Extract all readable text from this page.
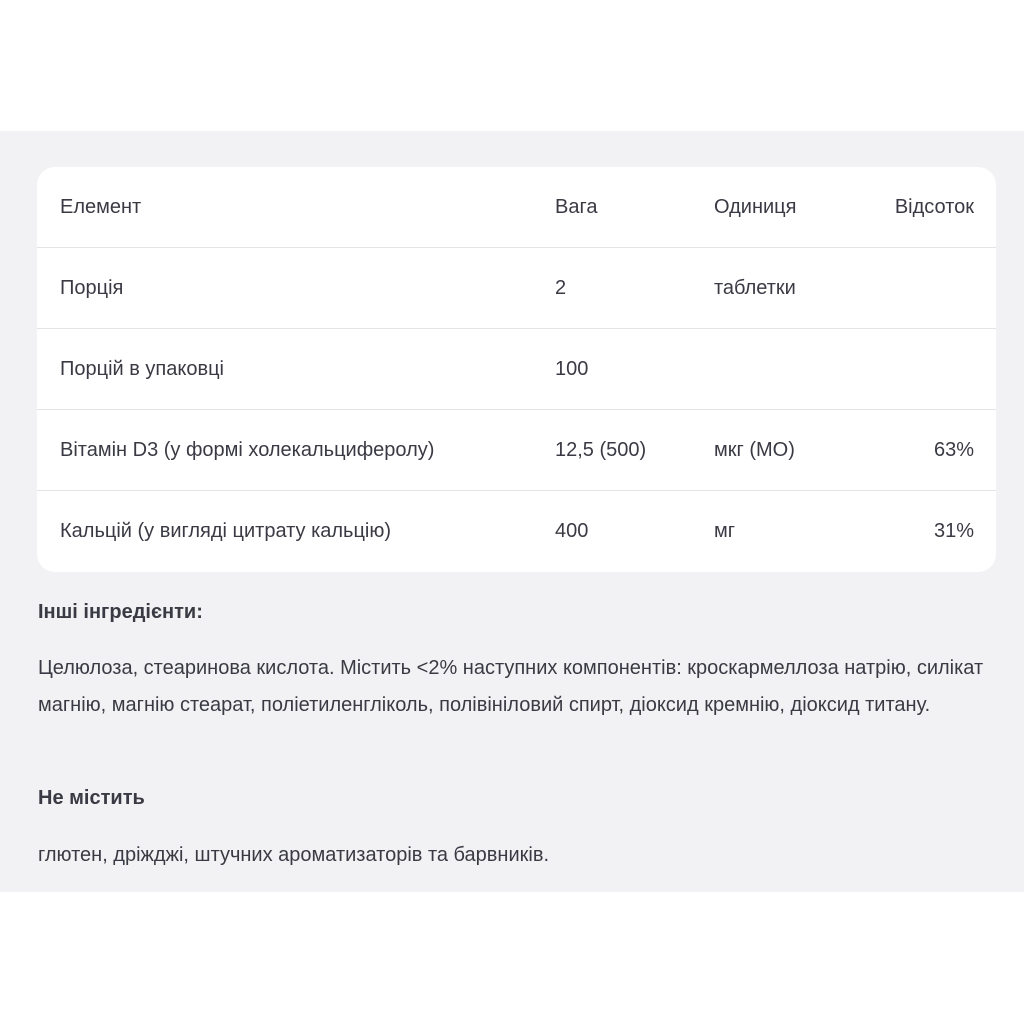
Елемент	Вага	Одиниця	Відсоток
Порція	2	таблетки
Порцій в упаковці	100
Вітамін D3 (у формі холекальциферолу)	12,5 (500)	мкг (МО)	63%
Кальцій (у вигляді цитрату кальцію)	400	мг	31%
Інші інгредієнти:
Целюлоза, стеаринова кислота. Містить <2% наступних компонентів: кроскармеллоза натрію, силікат магнію, магнію стеарат, поліетиленгліколь, полівініловий спирт, діоксид кремнію, діоксид титану.
Не містить
глютен, дріжджі, штучних ароматизаторів та барвників.
